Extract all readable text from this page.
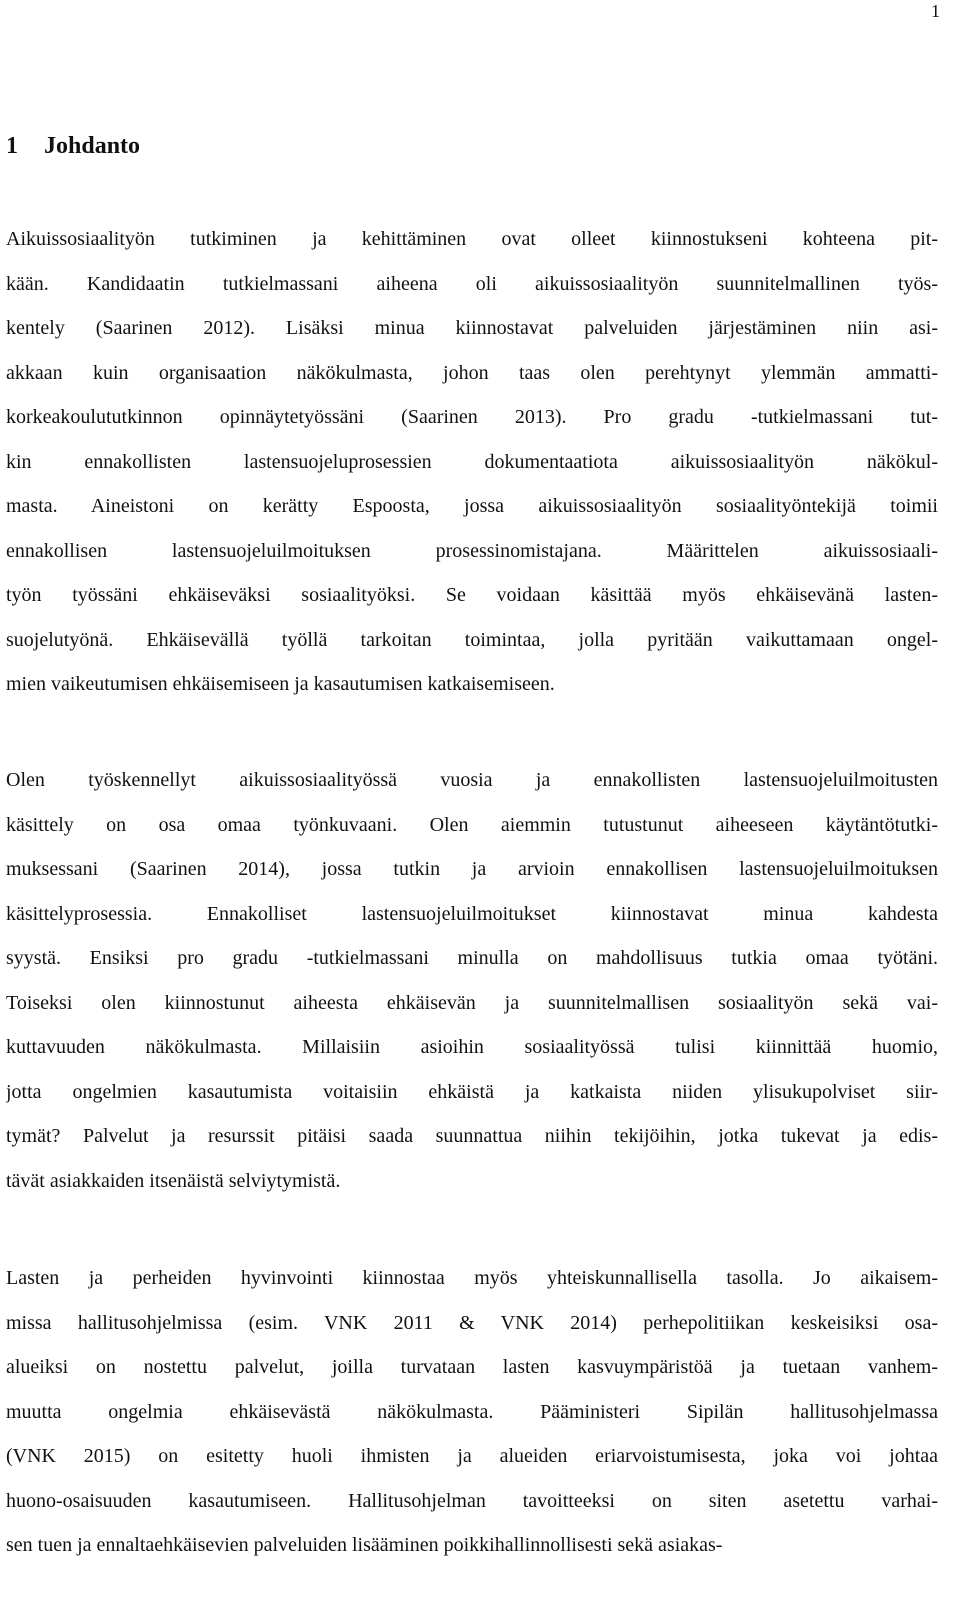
1
1 Johdanto
Aikuissosiaalityön tutkiminen ja kehittäminen ovat olleet kiinnostukseni kohteena pit-
kään. Kandidaatin tutkielmassani aiheena oli aikuissosiaalityön suunnitelmallinen työs-
kentely (Saarinen 2012). Lisäksi minua kiinnostavat palveluiden järjestäminen niin asi-
akkaan kuin organisaation näkökulmasta, johon taas olen perehtynyt ylemmän ammatti-
korkeakoulututkinnon opinnäytetyössäni (Saarinen 2013). Pro gradu -tutkielmassani tut-
kin ennakollisten lastensuojeluprosessien dokumentaatiota aikuissosiaalityön näkökul-
masta. Aineistoni on kerätty Espoosta, jossa aikuissosiaalityön sosiaalityöntekijä toimii
ennakollisen lastensuojeluilmoituksen prosessinomistajana. Määrittelen aikuissosiaali-
työn työssäni ehkäiseväksi sosiaalityöksi. Se voidaan käsittää myös ehkäisevänä lasten-
suojelutyönä. Ehkäisevällä työllä tarkoitan toimintaa, jolla pyritään vaikuttamaan ongel-
mien vaikeutumisen ehkäisemiseen ja kasautumisen katkaisemiseen.
Olen työskennellyt aikuissosiaalityössä vuosia ja ennakollisten lastensuojeluilmoitusten
käsittely on osa omaa työnkuvaani. Olen aiemmin tutustunut aiheeseen käytäntötutki-
muksessani (Saarinen 2014), jossa tutkin ja arvioin ennakollisen lastensuojeluilmoituksen
käsittelyprosessia. Ennakolliset lastensuojeluilmoitukset kiinnostavat minua kahdesta
syystä. Ensiksi pro gradu -tutkielmassani minulla on mahdollisuus tutkia omaa työtäni.
Toiseksi olen kiinnostunut aiheesta ehkäisevän ja suunnitelmallisen sosiaalityön sekä vai-
kuttavuuden näkökulmasta. Millaisiin asioihin sosiaalityössä tulisi kiinnittää huomio,
jotta ongelmien kasautumista voitaisiin ehkäistä ja katkaista niiden ylisukupolviset siir-
tymät? Palvelut ja resurssit pitäisi saada suunnattua niihin tekijöihin, jotka tukevat ja edis-
tävät asiakkaiden itsenäistä selviytymistä.
Lasten ja perheiden hyvinvointi kiinnostaa myös yhteiskunnallisella tasolla. Jo aikaisem-
missa hallitusohjelmissa (esim. VNK 2011 & VNK 2014) perhepolitiikan keskeisiksi osa-
alueiksi on nostettu palvelut, joilla turvataan lasten kasvuympäristöä ja tuetaan vanhem-
muutta ongelmia ehkäisevästä näkökulmasta. Pääministeri Sipilän hallitusohjelmassa
(VNK 2015) on esitetty huoli ihmisten ja alueiden eriarvoistumisesta, joka voi johtaa
huono-osaisuuden kasautumiseen. Hallitusohjelman tavoitteeksi on siten asetettu varhai-
sen tuen ja ennaltaehkäisevien palveluiden lisääminen poikkihallinnollisesti sekä asiakas-
